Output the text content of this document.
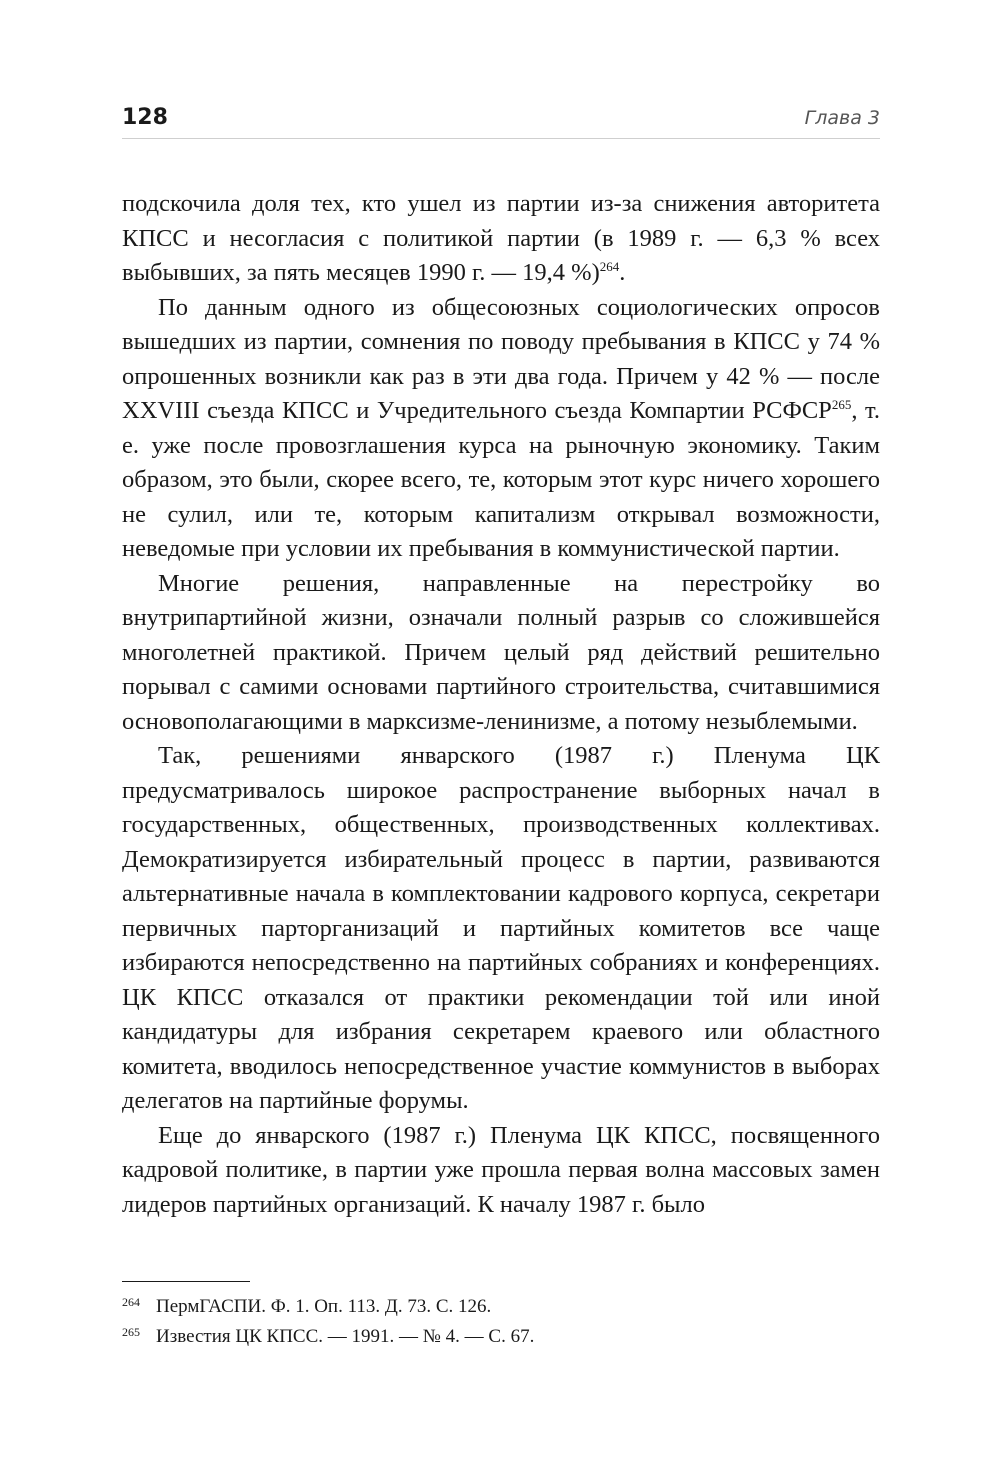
128	Глава 3

подскочила доля тех, кто ушел из партии из-за снижения авторитета КПСС и несогласия с политикой партии (в 1989 г. — 6,3 % всех выбывших, за пять месяцев 1990 г. — 19,4 %)$^{264}$.

По данным одного из общесоюзных социологических опросов вышедших из партии, сомнения по поводу пребывания в КПСС у 74 % опрошенных возникли как раз в эти два года. Причем у 42 % — после XXVIII съезда КПСС и Учредительного съезда Компартии РСФСР$^{265}$, т. е. уже после провозглашения курса на рыночную экономику. Таким образом, это были, скорее всего, те, которым этот курс ничего хорошего не сулил, или те, которым капитализм открывал возможности, неведомые при условии их пребывания в коммунистической партии.

Многие решения, направленные на перестройку во внутрипартийной жизни, означали полный разрыв со сложившейся многолетней практикой. Причем целый ряд действий решительно порывал с самими основами партийного строительства, считавшимися основополагающими в марксизме-ленинизме, а потому незыблемыми.

Так, решениями январского (1987 г.) Пленума ЦК предусматривалось широкое распространение выборных начал в государственных, общественных, производственных коллективах. Демократизируется избирательный процесс в партии, развиваются альтернативные начала в комплектовании кадрового корпуса, секретари первичных парторганизаций и партийных комитетов все чаще избираются непосредственно на партийных собраниях и конференциях. ЦК КПСС отказался от практики рекомендации той или иной кандидатуры для избрания секретарем краевого или областного комитета, вводилось непосредственное участие коммунистов в выборах делегатов на партийные форумы.

Еще до январского (1987 г.) Пленума ЦК КПСС, посвященного кадровой политике, в партии уже прошла первая волна массовых замен лидеров партийных организаций. К началу 1987 г. было

264 ПермГАСПИ. Ф. 1. Оп. 113. Д. 73. С. 126.
265 Известия ЦК КПСС. — 1991. — № 4. — С. 67.
